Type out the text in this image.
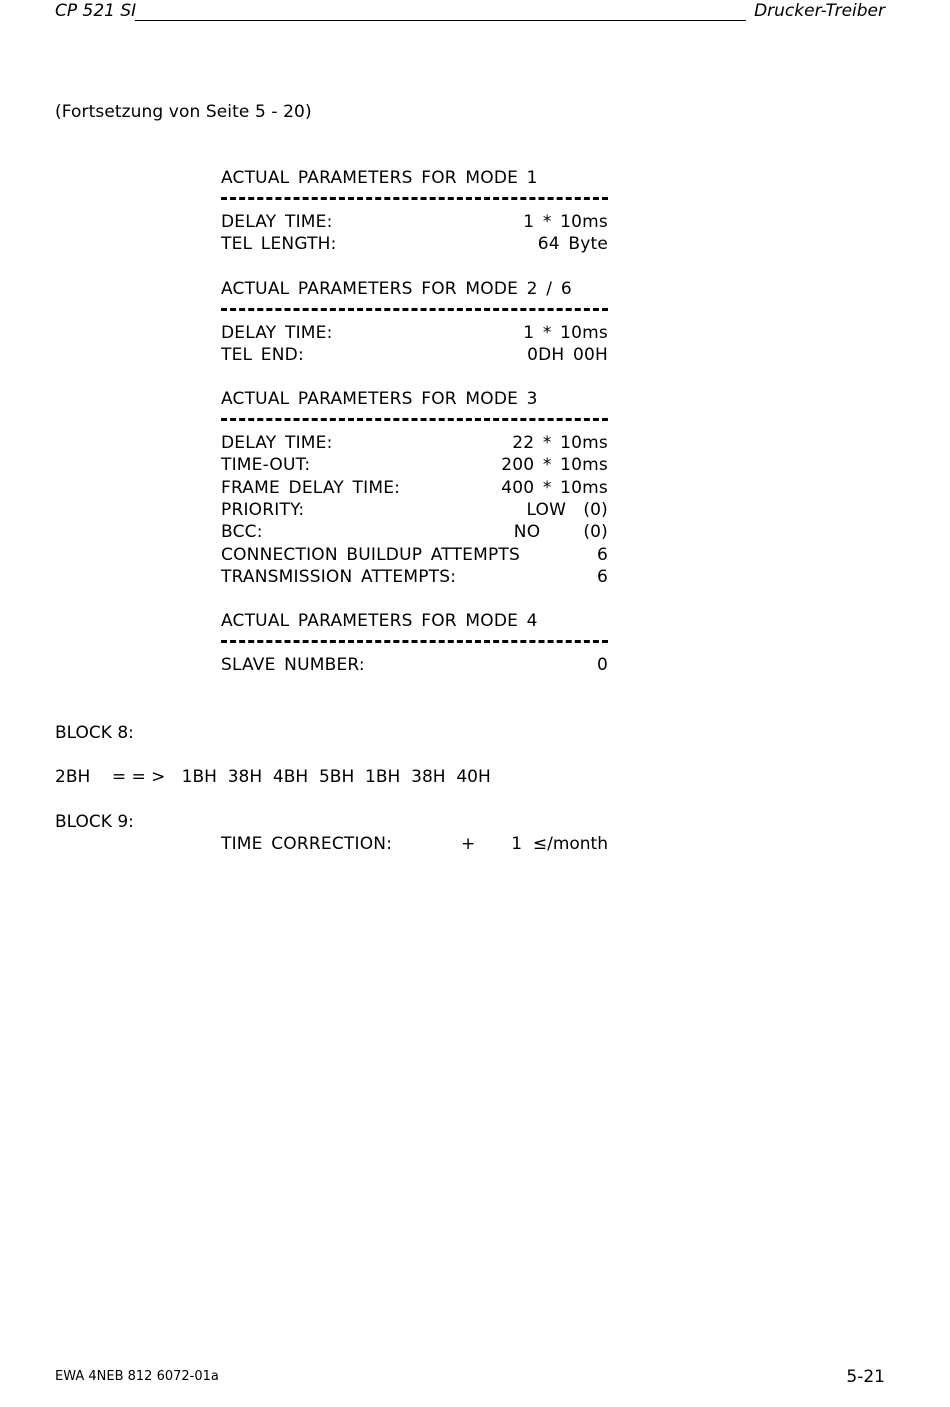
CP 521 SI	Drucker-Treiber
(Fortsetzung von Seite 5 - 20)
ACTUAL PARAMETERS FOR MODE 1
DELAY TIME:	1 * 10ms
TEL LENGTH:	64 Byte
ACTUAL PARAMETERS FOR MODE 2 / 6
DELAY TIME:	1 * 10ms
TEL END:	0DH 00H
ACTUAL PARAMETERS FOR MODE 3
DELAY TIME:	22 * 10ms
TIME-OUT:	200 * 10ms
FRAME DELAY TIME:	400 * 10ms
PRIORITY:	LOW  (0)
BCC:	NO     (0)
CONNECTION BUILDUP ATTEMPTS	6
TRANSMISSION ATTEMPTS:	6
ACTUAL PARAMETERS FOR MODE 4
SLAVE NUMBER:	0
BLOCK 8:
2BH    = = >   1BH  38H  4BH  5BH  1BH  38H  40H
BLOCK 9:
TIME CORRECTION:	+ 1  ≤/month
EWA 4NEB 812 6072-01a	5-21
